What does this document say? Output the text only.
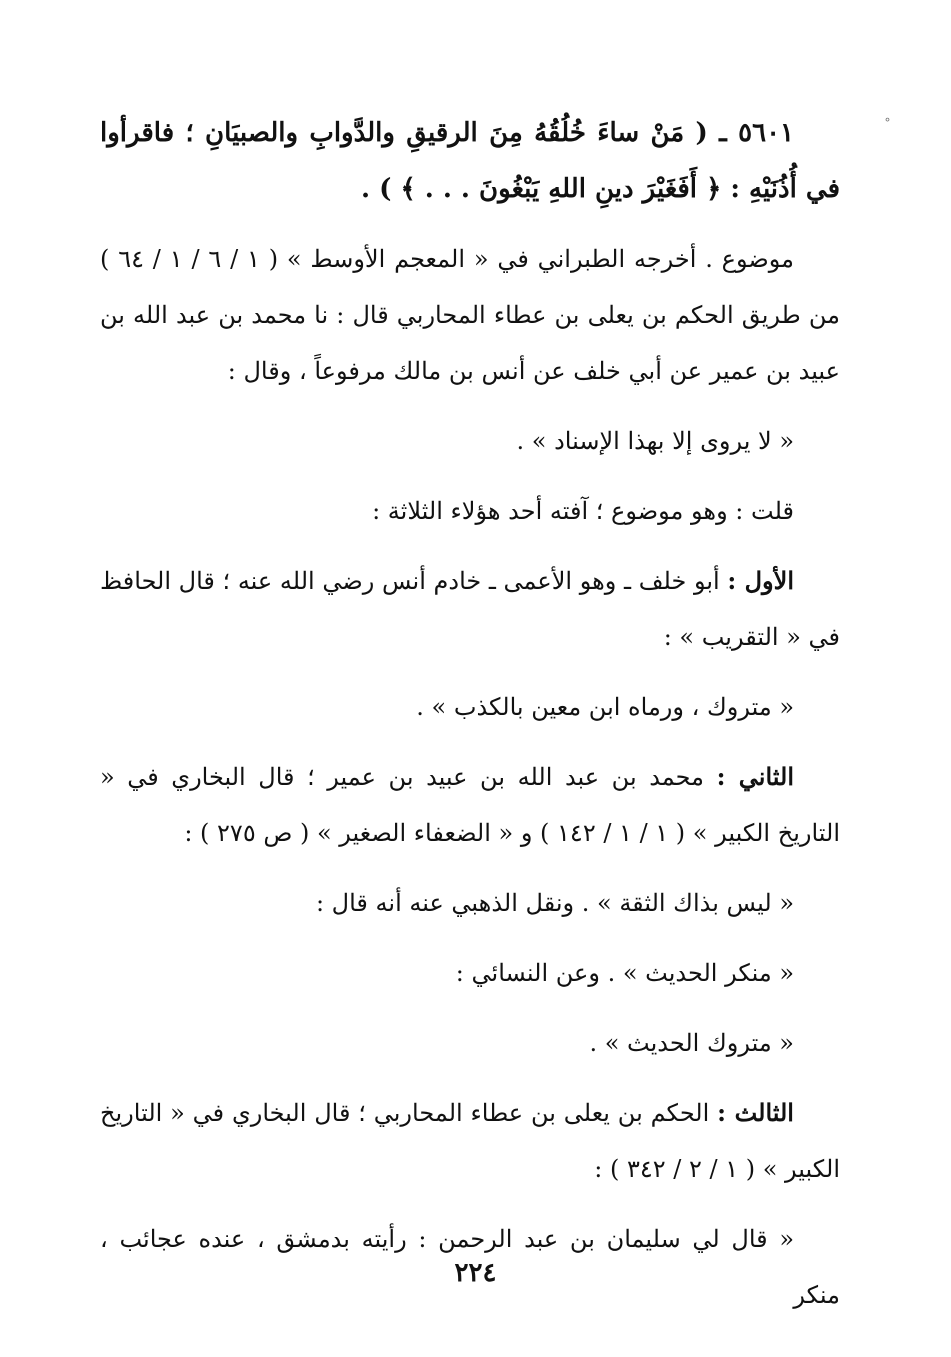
٥٦٠١ ـ ( مَنْ ساءَ خُلُقُهُ مِنَ الرقيقِ والدَّوابِ والصبيَانِ ؛ فاقرأوا في أُذُنَيْهِ : ﴿ أَفَغَيْرَ دينِ اللهِ يَبْغُونَ . . . ﴾ ) .

موضوع . أخرجه الطبراني في « المعجم الأوسط » ( ١ / ٦ / ١ / ٦٤ ) من طريق الحكم بن يعلى بن عطاء المحاربي قال : نا محمد بن عبد الله بن عبيد بن عمير عن أبي خلف عن أنس بن مالك مرفوعاً ، وقال :

« لا يروى إلا بهذا الإسناد » .

قلت : وهو موضوع ؛ آفته أحد هؤلاء الثلاثة :

الأول : أبو خلف ـ وهو الأعمى ـ خادم أنس رضي الله عنه ؛ قال الحافظ في « التقريب » :

« متروك ، ورماه ابن معين بالكذب » .

الثاني : محمد بن عبد الله بن عبيد بن عمير ؛ قال البخاري في « التاريخ الكبير » ( ١ / ١ / ١٤٢ ) و « الضعفاء الصغير » ( ص ٢٧٥ ) :

« ليس بذاك الثقة » . ونقل الذهبي عنه أنه قال :

« منكر الحديث » . وعن النسائي :

« متروك الحديث » .

الثالث : الحكم بن يعلى بن عطاء المحاربي ؛ قال البخاري في « التاريخ الكبير » ( ١ / ٢ / ٣٤٢ ) :

« قال لي سليمان بن عبد الرحمن : رأيته بدمشق ، عنده عجائب ، منكر

٢٢٤
